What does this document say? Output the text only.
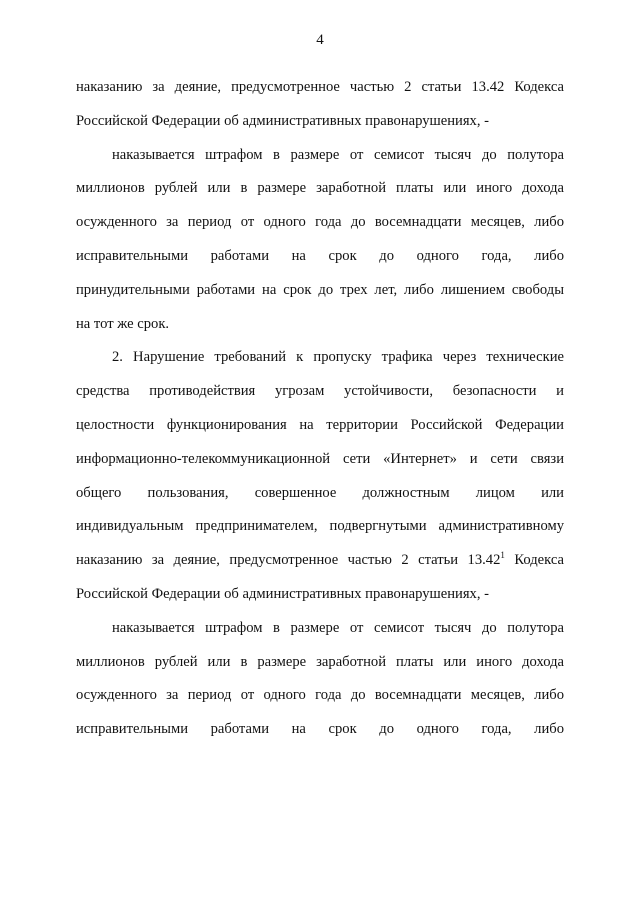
4
наказанию за деяние, предусмотренное частью 2 статьи 13.42 Кодекса
Российской Федерации об административных правонарушениях, -
наказывается штрафом в размере от семисот тысяч до полутора
миллионов рублей или в размере заработной платы или иного дохода
осужденного за период от одного года до восемнадцати месяцев, либо
исправительными работами на срок до одного года, либо
принудительными работами на срок до трех лет, либо лишением свободы
на тот же срок.
2. Нарушение требований к пропуску трафика через технические
средства противодействия угрозам устойчивости, безопасности и
целостности функционирования на территории Российской Федерации
информационно-телекоммуникационной сети «Интернет» и сети связи
общего пользования, совершенное должностным лицом или
индивидуальным предпринимателем, подвергнутыми административному
наказанию за деяние, предусмотренное частью 2 статьи 13.42$^1$ Кодекса
Российской Федерации об административных правонарушениях, -
наказывается штрафом в размере от семисот тысяч до полутора
миллионов рублей или в размере заработной платы или иного дохода
осужденного за период от одного года до восемнадцати месяцев, либо
исправительными работами на срок до одного года, либо
